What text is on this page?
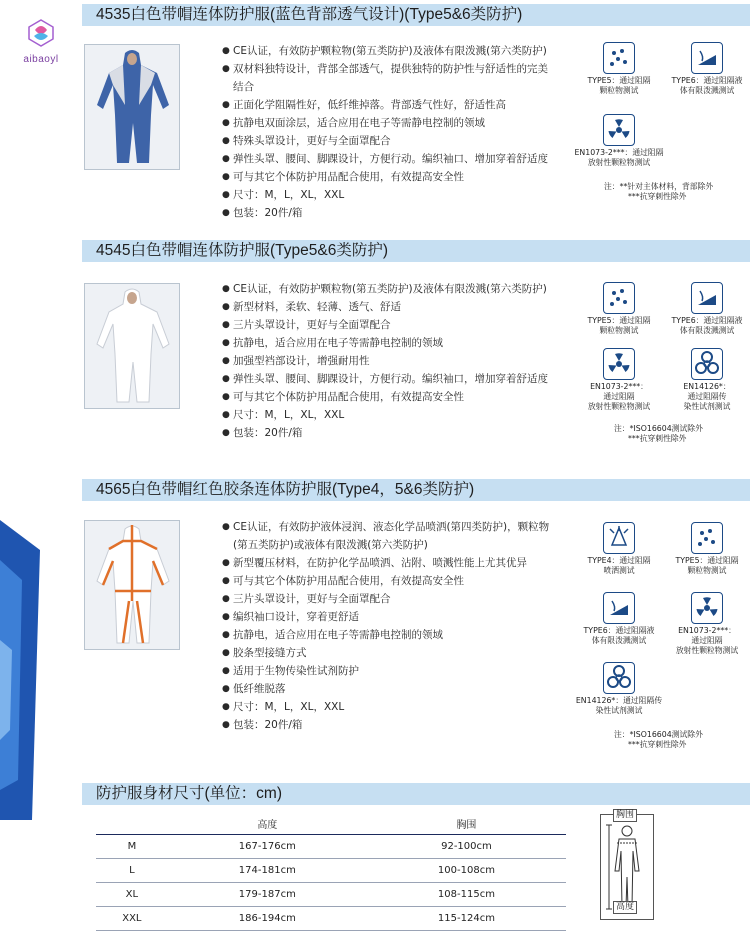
aibaoyl
4535白色带帽连体防护服(蓝色背部透气设计)(Type5&6类防护)
● CE认证，有效防护颗粒物(第五类防护)及液体有限泼溅(第六类防护)
● 双材料独特设计，背部全部透气，提供独特的防护性与舒适性的完美
结合
● 正面化学阻隔性好，低纤维掉落。背部透气性好，舒适性高
● 抗静电双面涂层，适合应用在电子等需静电控制的领域
● 特殊头罩设计，更好与全面罩配合
● 弹性头罩、腰间、脚踝设计，方便行动。编织袖口、增加穿着舒适度
● 可与其它个体防护用品配合使用，有效提高安全性
● 尺寸：M，L，XL，XXL
● 包装：20件/箱
TYPE5：通过阻隔
颗粒物测试
TYPE6：通过阻隔液
体有限泼溅测试
EN1073-2***：通过阻隔
放射性颗粒物测试
注：**针对主体材料，背部除外
***抗穿刺性除外
4545白色带帽连体防护服(Type5&6类防护)
● CE认证，有效防护颗粒物(第五类防护)及液体有限泼溅(第六类防护)
● 新型材料，柔软、轻薄、透气、舒适
● 三片头罩设计，更好与全面罩配合
● 抗静电，适合应用在电子等需静电控制的领域
● 加强型裆部设计，增强耐用性
● 弹性头罩、腰间、脚踝设计，方便行动。编织袖口，增加穿着舒适度
● 可与其它个体防护用品配合使用，有效提高安全性
● 尺寸：M，L，XL，XXL
● 包装：20件/箱
TYPE5：通过阻隔
颗粒物测试
TYPE6：通过阻隔液
体有限泼溅测试
EN1073-2***：
通过阻隔
放射性颗粒物测试
EN14126*：
通过阻隔传
染性试剂测试
注：*ISO16604测试除外
***抗穿刺性除外
4565白色带帽红色胶条连体防护服(Type4，5&6类防护)
● CE认证，有效防护液体浸润、液态化学品喷洒(第四类防护)，颗粒物
(第五类防护)或液体有限泼溅(第六类防护)
● 新型覆压材料，在防护化学品喷洒、沾附、喷溅性能上尤其优异
● 可与其它个体防护用品配合使用，有效提高安全性
● 三片头罩设计，更好与全面罩配合
● 编织袖口设计，穿着更舒适
● 抗静电，适合应用在电子等需静电控制的领域
● 胶条型接缝方式
● 适用于生物传染性试剂防护
● 低纤维脱落
● 尺寸：M，L，XL，XXL
● 包装：20件/箱
TYPE4：通过阻隔
喷洒测试
TYPE5：通过阻隔
颗粒物测试
TYPE6：通过阻隔液
体有限泼溅测试
EN1073-2***：
通过阻隔
放射性颗粒物测试
EN14126*：通过阻隔传
染性试剂测试
注：*ISO16604测试除外
***抗穿刺性除外
防护服身材尺寸(单位：cm)
	高度	胸围
M	167-176cm	92-100cm
L	174-181cm	100-108cm
XL	179-187cm	108-115cm
XXL	186-194cm	115-124cm
胸围
高度
